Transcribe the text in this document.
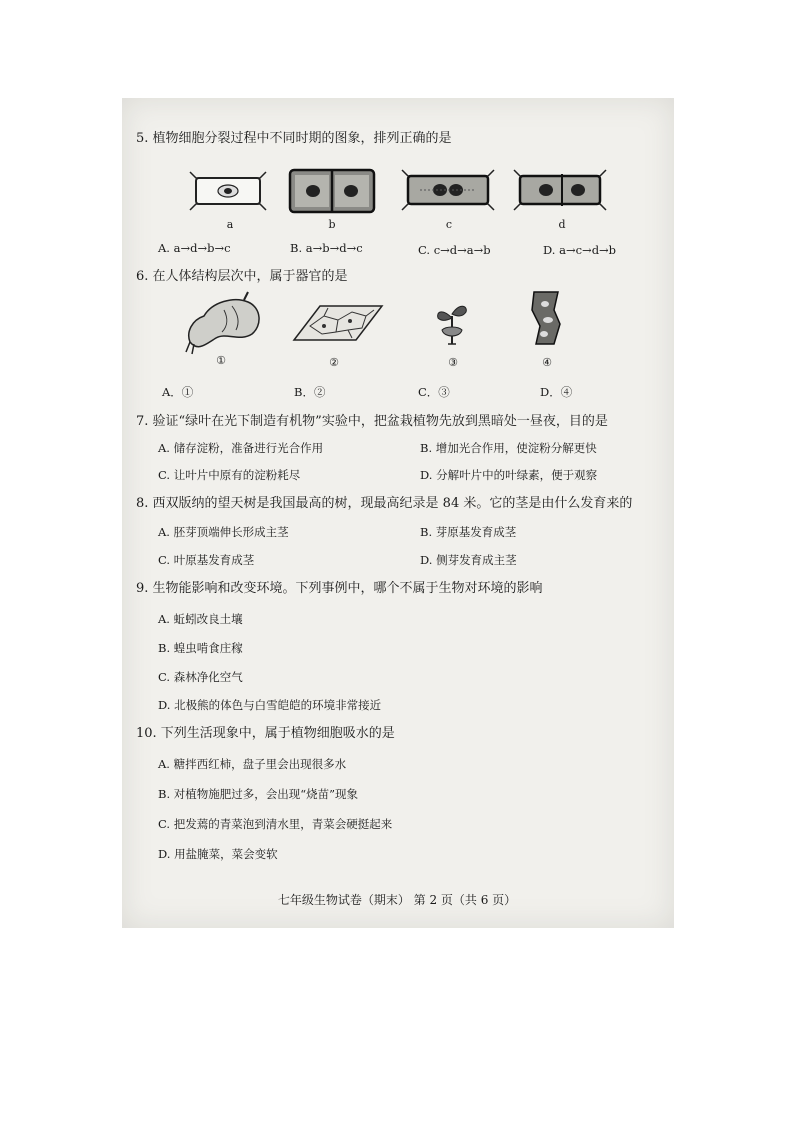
5. 植物细胞分裂过程中不同时期的图象，排列正确的是
a	b	c	d
A. a→d→b→c	B. a→b→d→c	C. c→d→a→b	D. a→c→d→b
6. 在人体结构层次中，属于器官的是
①	②	③	④
A．①	B．②	C．③	D．④
7. 验证“绿叶在光下制造有机物”实验中，把盆栽植物先放到黑暗处一昼夜，目的是
A. 储存淀粉，准备进行光合作用	B. 增加光合作用，使淀粉分解更快
C. 让叶片中原有的淀粉耗尽	D. 分解叶片中的叶绿素，便于观察
8. 西双版纳的望天树是我国最高的树，现最高纪录是 84 米。它的茎是由什么发育来的
A. 胚芽顶端伸长形成主茎	B. 芽原基发育成茎
C. 叶原基发育成茎	D. 侧芽发育成主茎
9. 生物能影响和改变环境。下列事例中，哪个不属于生物对环境的影响
A. 蚯蚓改良土壤
B. 蝗虫啃食庄稼
C. 森林净化空气
D. 北极熊的体色与白雪皑皑的环境非常接近
10. 下列生活现象中，属于植物细胞吸水的是
A. 糖拌西红柿，盘子里会出现很多水
B. 对植物施肥过多，会出现“烧苗”现象
C. 把发蔫的青菜泡到清水里，青菜会硬挺起来
D. 用盐腌菜，菜会变软
七年级生物试卷（期末） 第 2 页（共 6 页）
